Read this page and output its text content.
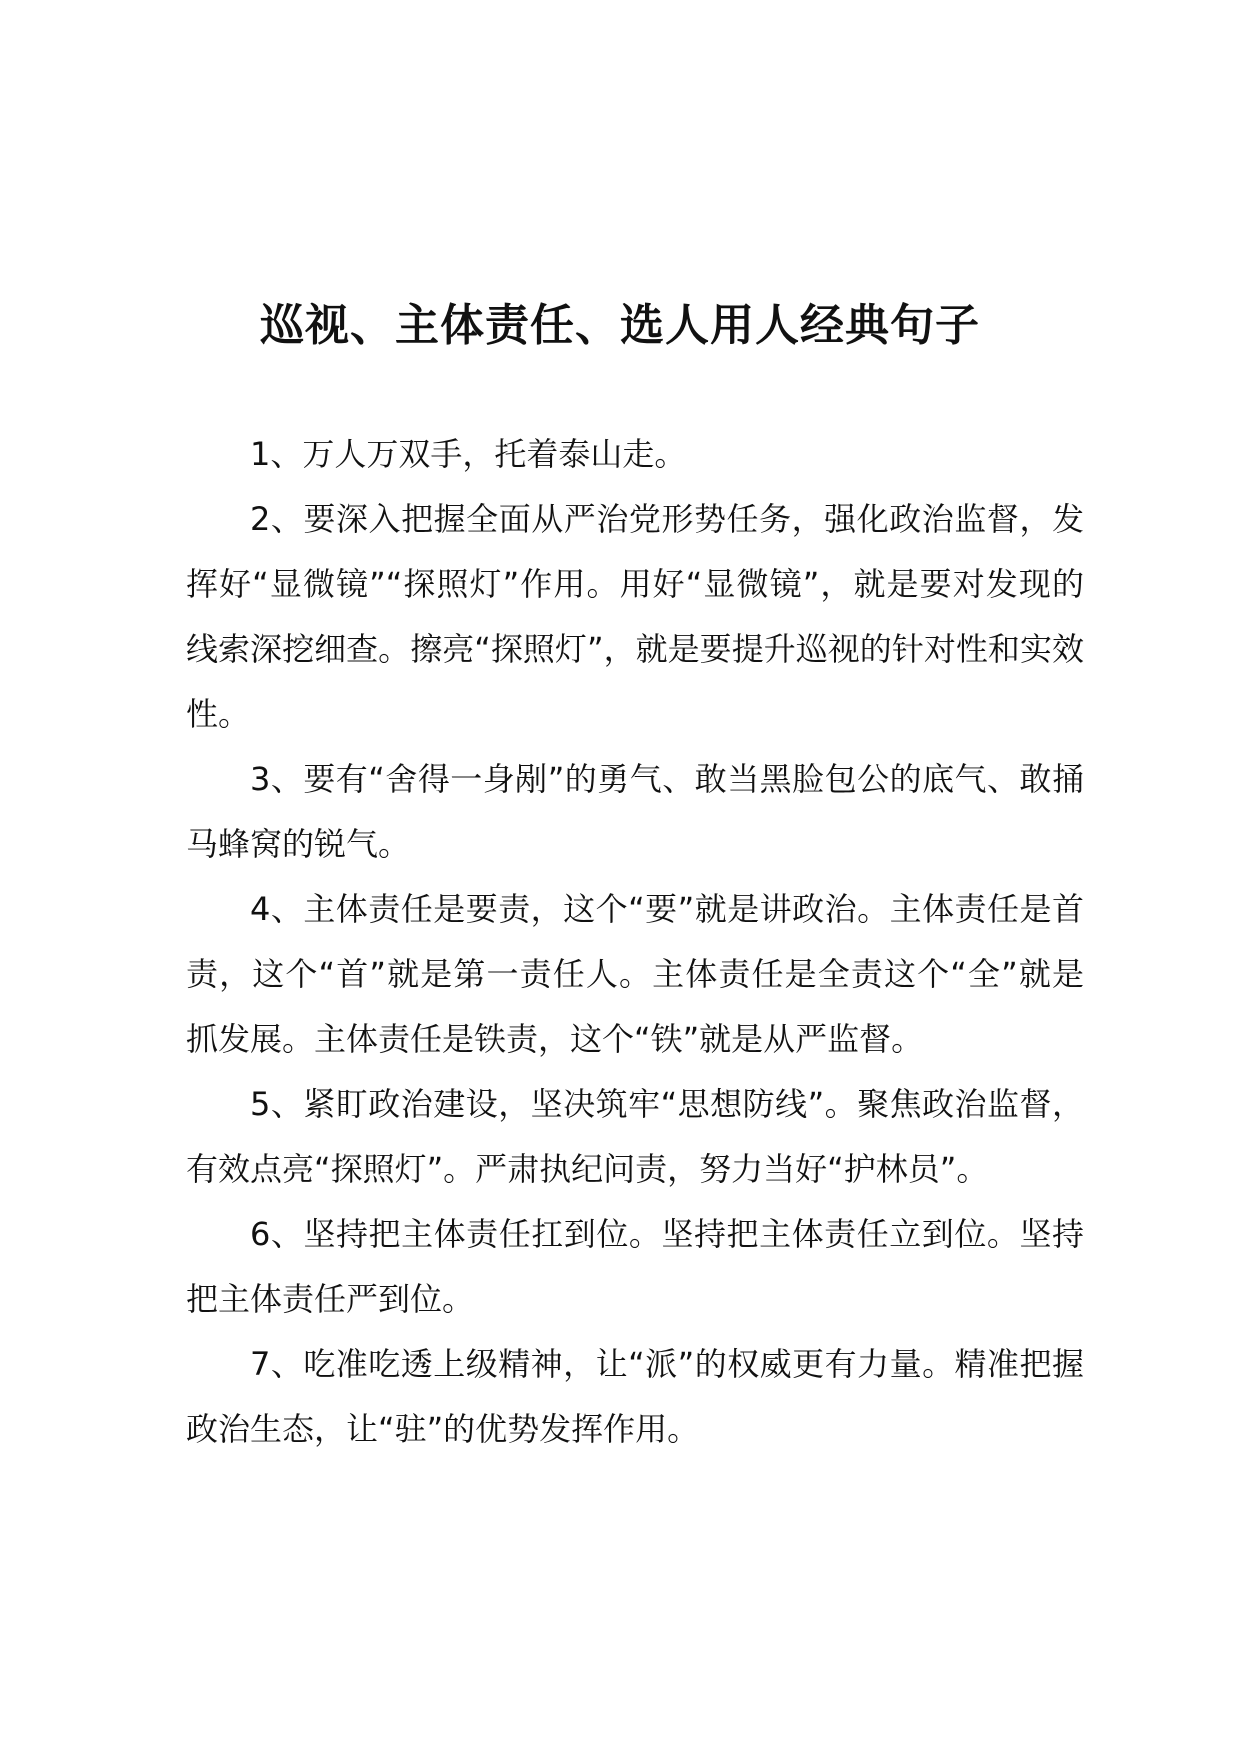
巡视、主体责任、选人用人经典句子

1、万人万双手，托着泰山走。

2、要深入把握全面从严治党形势任务，强化政治监督，发挥好“显微镜”“探照灯”作用。用好“显微镜”，就是要对发现的线索深挖细查。擦亮“探照灯”，就是要提升巡视的针对性和实效性。

3、要有“舍得一身剐”的勇气、敢当黑脸包公的底气、敢捅马蜂窝的锐气。

4、主体责任是要责，这个“要”就是讲政治。主体责任是首责，这个“首”就是第一责任人。主体责任是全责这个“全”就是抓发展。主体责任是铁责，这个“铁”就是从严监督。

5、紧盯政治建设，坚决筑牢“思想防线”。聚焦政治监督，有效点亮“探照灯”。严肃执纪问责，努力当好“护林员”。

6、坚持把主体责任扛到位。坚持把主体责任立到位。坚持把主体责任严到位。

7、吃准吃透上级精神，让“派”的权威更有力量。精准把握政治生态，让“驻”的优势发挥作用。
